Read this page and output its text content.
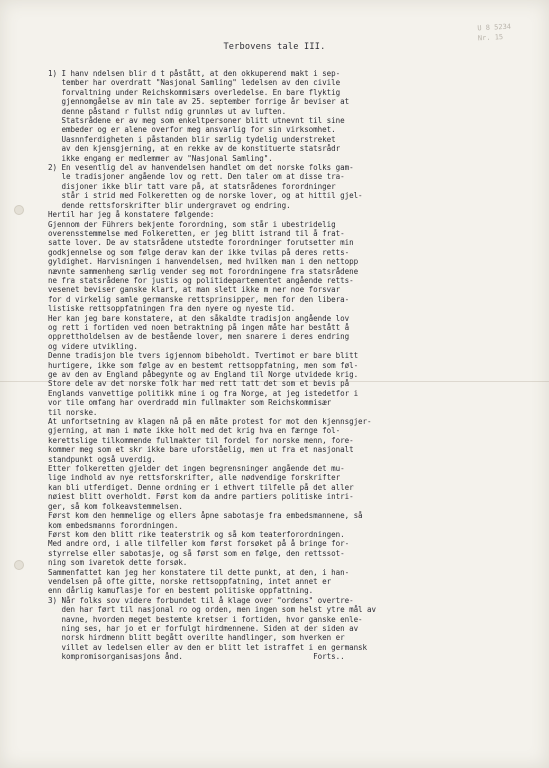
U 8 5234
Nr. 15
Terbovens tale III.
1) I hanv ndelsen blir d t påstått, at den okkuperend makt i sep-
tember har overdratt "Nasjonal Samling" ledelsen av den civile
forvaltning under Reichskommisærs overledelse. En bare flyktig
gjennomgåelse av min tale av 25. september forrige år beviser at
denne påstand r fullst ndig grunnløs ut av luften.
Statsrådene er av meg som enkeltpersoner blitt utnevnt til sine
embeder og er alene overfor meg ansvarlig for sin virksomhet.
Uasnnferdigheten i påstanden blir særlig tydelig understreket
av den kjensgjerning, at en rekke av de konstituerte statsrådr
ikke engang er medlemmer av "Nasjonal Samling".
2) En vesentlig del av hanvendelsen handlet om det norske folks gam-
le tradisjoner angående lov og rett. Den taler om at disse tra-
disjoner ikke blir tatt vare på, at statsrådenes forordninger
står i strid med Folkeretten og de norske lover, og at hittil gjel-
dende rettsforskrifter blir undergravet og endring.
Hertil har jeg å konstatere følgende:
Gjennom der Führers bekjente forordning, som står i ubestridelig
overensstemmelse med Folkeretten, er jeg blitt istrand til å frat-
satte lover. De av statsrådene utstedte forordninger forutsetter min
godkjennelse og som følge derav kan der ikke tvilas på deres retts-
gyldighet. Harvisningen i hanvendelsen, med hvilken man i den nettopp
nævnte sammenheng særlig vender seg mot forordningene fra statsrådene
ne fra statsrådene for justis og politidepartementet angående retts-
vesenet beviser ganske klart, at man slett ikke m ner noe forsvar
for d virkelig samle germanske rettsprinsipper, men for den libera-
listiske rettsoppfatningen fra den nyere og nyeste tid.
Her kan jeg bare konstatere, at den såkaldte tradisjon angående lov
og rett i fortiden ved noen betraktning på ingen måte har bestått å
opprettholdelsen av de bestående lover, men snarere i deres endring
og videre utvikling.
Denne tradisjon ble tvers igjennom bibeholdt. Tvertimot er bare blitt
hurtigere, ikke som følge av en bestemt rettsoppfatning, men som føl-
ge av den av England påbegynte og av England til Norge utvidede krig.
Store dele av det norske folk har med rett tatt det som et bevis på
Englands vanvettige politikk mine i og fra Norge, at jeg istedetfor i
vor tile omfang har overdradd min fullmakter som Reichskommisær
til norske.
At unfortsetning av klagen nå på en måte protest for mot den kjennsgjer-
gjerning, at man i møte ikke holt med det krig hva en færnge fol-
kerettslige tilkommende fullmakter til fordel for norske menn, fore-
kommer meg som et skr ikke bare uforståelig, men ut fra et nasjonalt
standpunkt også uverdig.
Etter folkeretten gjelder det ingen begrensninger angående det mu-
lige indhold av nye rettsforskrifter, alle nødvendige forskrifter
kan bli utferdiget. Denne ordning er i ethvert tilfelle på det aller
nøiest blitt overholdt. Først kom da andre partiers politiske intri-
ger, så kom folkeavstemmelsen.
Først kom den hemmelige og ellers åpne sabotasje fra embedsmannene, så
kom embedsmanns forordningen.
Først kom den blitt rike teaterstrik og så kom teaterforordningen.
Med andre ord, i alle tilfeller kom først forsøket på å bringe for-
styrrelse eller sabotasje, og så først som en følge, den rettssot-
ning som ivaretok dette forsøk.
Sammenfattet kan jeg her konstatere til dette punkt, at den, i han-
vendelsen på ofte gitte, norske rettsoppfatning, intet annet er
enn dårlig kamuflasje for en bestemt politiske oppfattning.
3) Når folks sov videre forbundet til å klage over "ordens" overtre-
den har ført til nasjonal ro og orden, men ingen som helst ytre mål av
navne, hvorden meget bestemte kretser i fortiden, hvor ganske enle-
ning ses, har jo et er forfulgt hirdmennene. Siden at der siden av
norsk hirdmenn blitt begått overilte handlinger, som hverken er
villet av ledelsen eller av den er blitt let istraffet i en germansk
kompromisorganisasjons ånd.                             Forts..
